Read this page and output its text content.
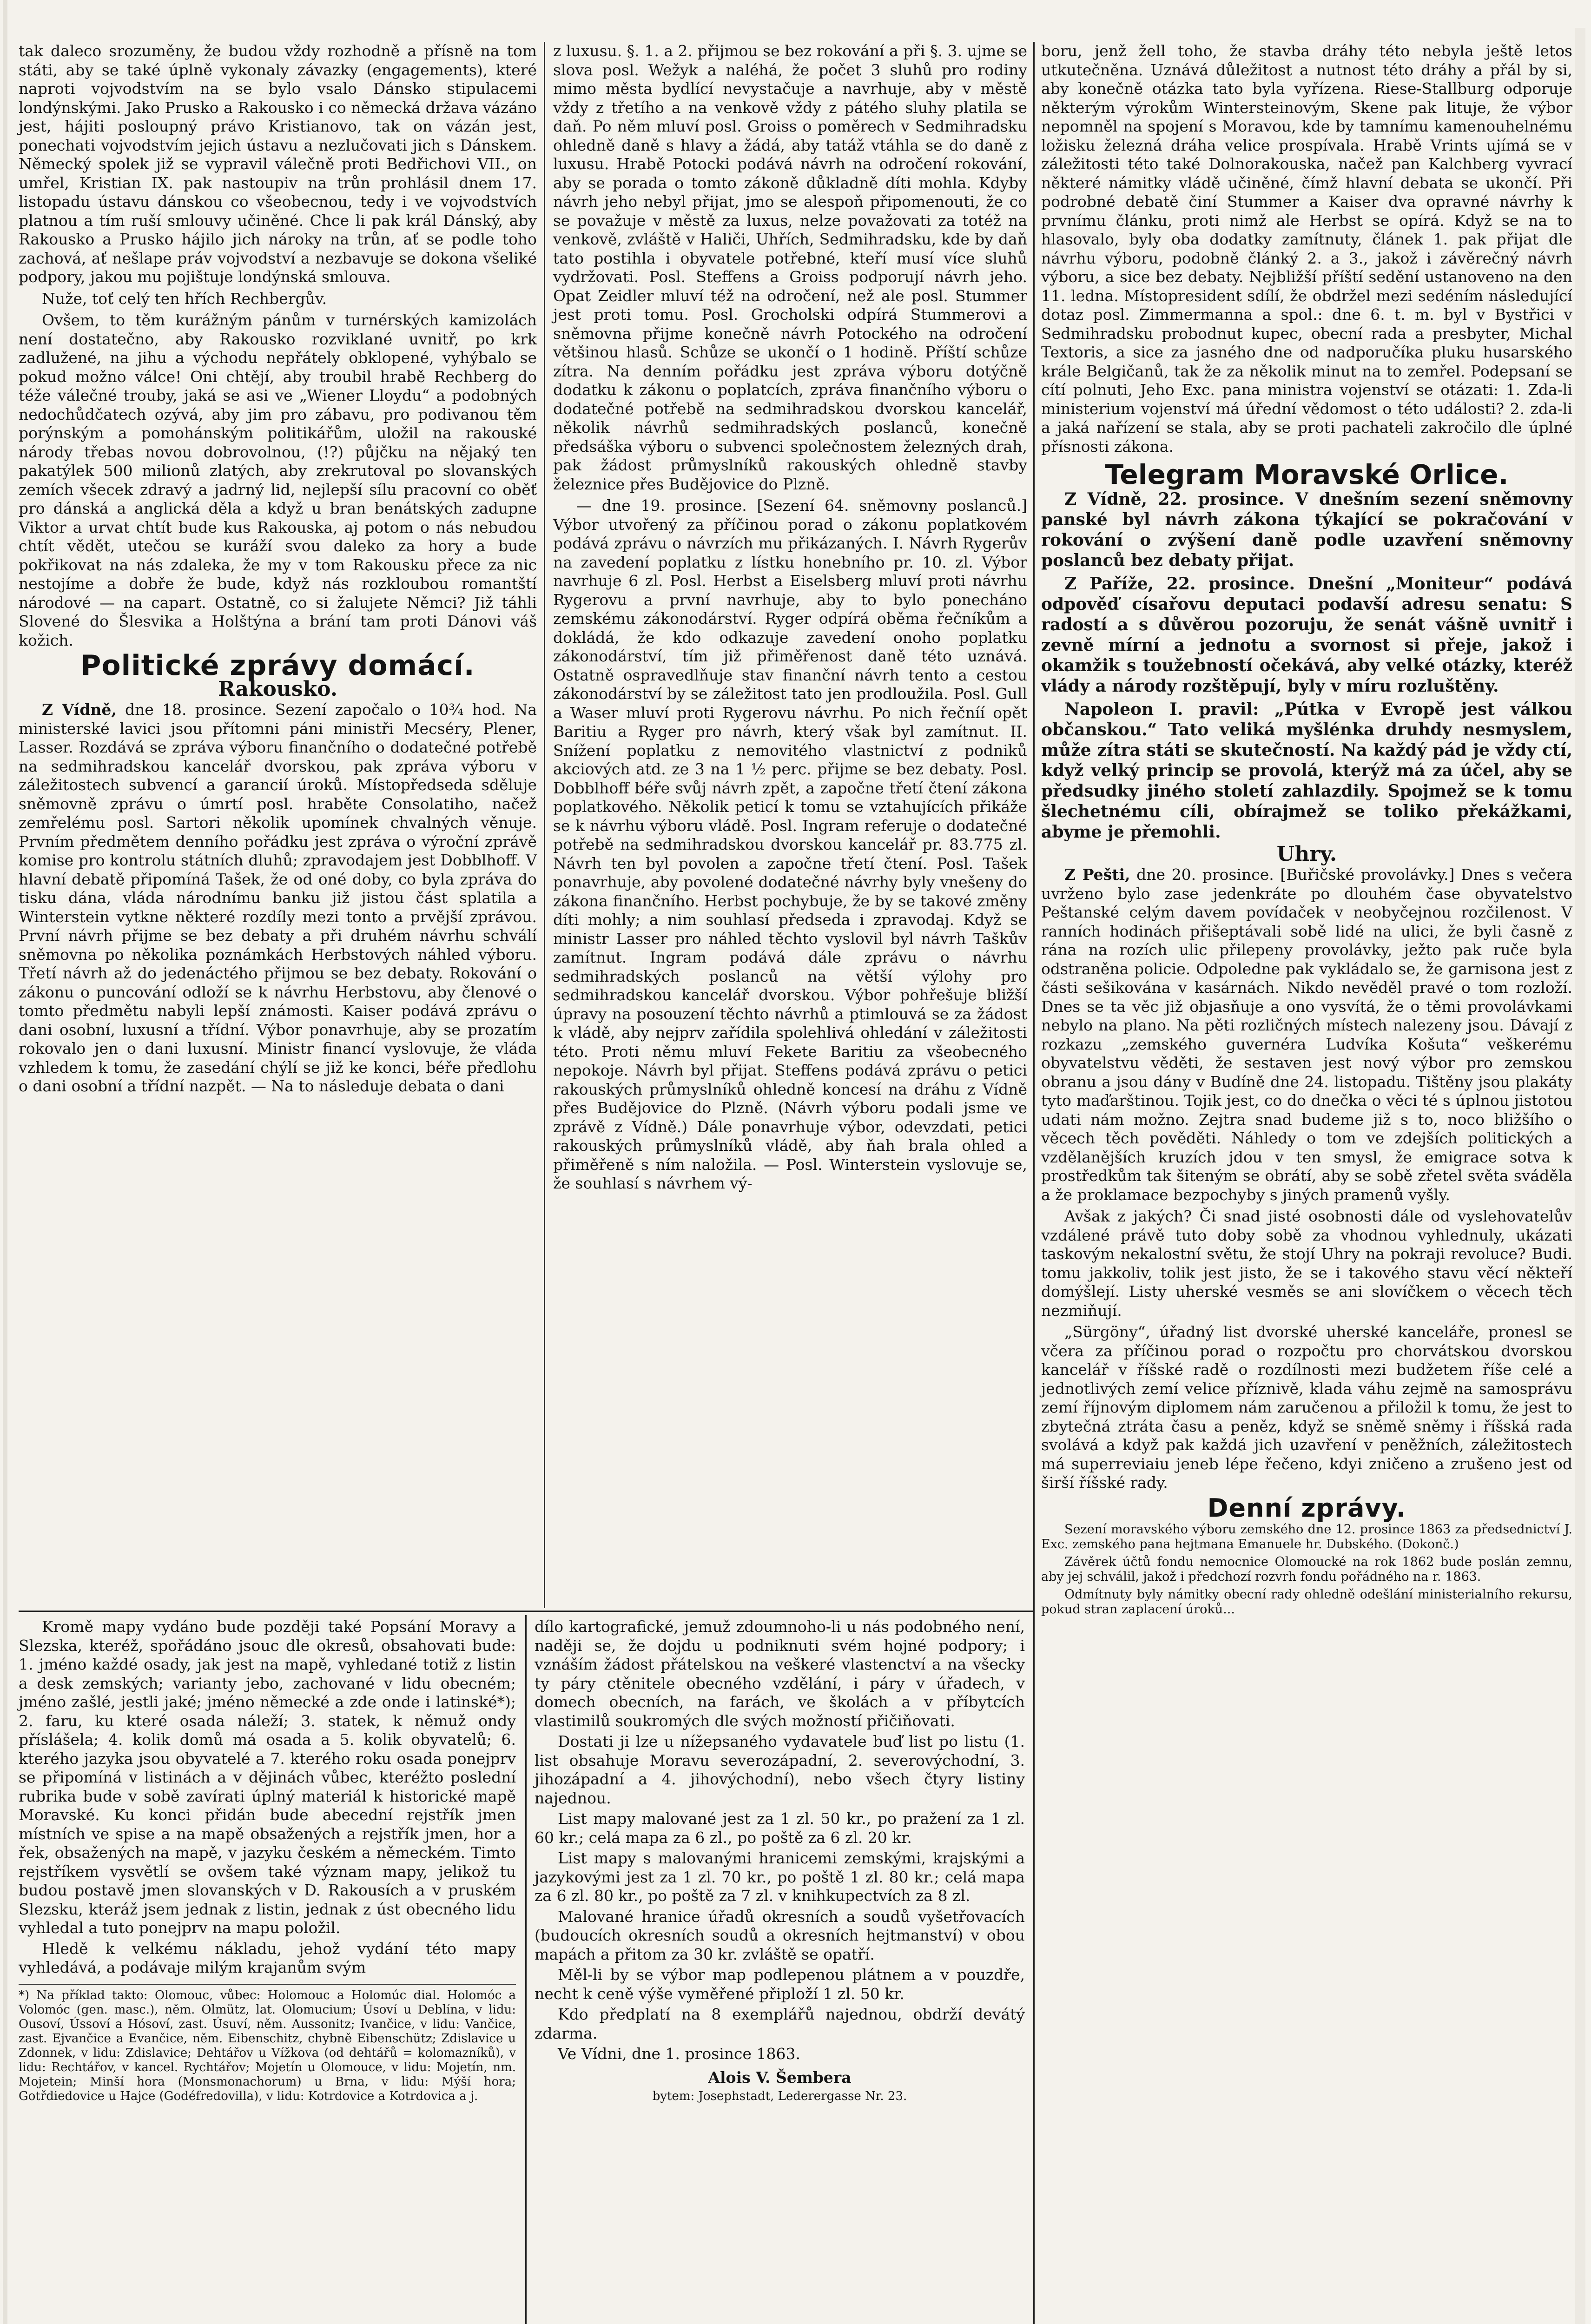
tak daleco srozuměny, že budou vždy rozhodně a přísně na tom státi, aby se také úplně vykonaly závazky (engagements), které naproti vojvodstvím na se bylo vsalo Dánsko stipulacemi londýnskými. Jako Prusko a Rakousko i co německá država vázáno jest, hájiti posloupný právo Kristianovo, tak on vázán jest, ponechati vojvodstvím jejich ústavu a nezlučovati jich s Dánskem. Německý spolek již se vypravil válečně proti Bedřichovi VII., on umřel, Kristian IX. pak nastoupiv na trůn prohlásil dnem 17. listopadu ústavu dánskou co všeobecnou, tedy i ve vojvodstvích platnou a tím ruší smlouvy učiněné. Chce li pak král Dánský, aby Rakousko a Prusko hájilo jich nároky na trůn, ať se podle toho zachová, ať nešlape práv vojvodství a nezbavuje se dokona všeliké podpory, jakou mu pojištuje londýnská smlouva.

Nuže, toť celý ten hřích Rechbergův.

Ovšem, to těm kurážným pánům v turnérských kamizolách není dostatečno, aby Rakousko rozviklané uvnitř, po krk zadlužené, na jihu a východu nepřátely obklopené, vyhýbalo se pokud možno válce! Oni chtějí, aby troubil hrabě Rechberg do téže válečné trouby, jaká se asi ve „Wiener Lloydu“ a podobných nedochůdčatech ozývá, aby jim pro zábavu, pro podivanou těm porýnským a pomohánským politikářům, uložil na rakouské národy třebas novou dobrovolnou, (!?) půjčku na nějaký ten pakatýlek 500 milionů zlatých, aby zrekrutoval po slovanských zemích všecek zdravý a jadrný lid, nejlepší sílu pracovní co oběť pro dánská a anglická děla a když u bran benátských zadupne Viktor a urvat chtít bude kus Rakouska, aj potom o nás nebudou chtít vědět, utečou se kuráží svou daleko za hory a bude pokřikovat na nás zdaleka, že my v tom Rakousku přece za nic nestojíme a dobře že bude, když nás rozkloubou romantští národové — na capart. Ostatně, co si žalujete Němci? Již táhli Slovené do Šlesvika a Holštýna a brání tam proti Dánovi váš kožich.

Politické zprávy domácí.
Rakousko.

Z Vídně, dne 18. prosince. Sezení započalo o 10¾ hod. Na ministerské lavici jsou přítomni páni ministři Mecséry, Plener, Lasser. Rozdává se zpráva výboru finančního o dodatečné potřebě na sedmihradskou kancelář dvorskou, pak zpráva výboru v záležitostech subvencí a garancií úroků. Místopředseda sděluje sněmovně zprávu o úmrtí posl. hraběte Consolatiho, načež zemřelému posl. Sartori několik upomínek chvalných věnuje. Prvním předmětem denního pořádku jest zpráva o výroční zprávě komise pro kontrolu státních dluhů; zpravodajem jest Dobblhoff. V hlavní debatě připomíná Tašek, že od oné doby, co byla zpráva do tisku dána, vláda národnímu banku již jistou část splatila a Winterstein vytkne některé rozdíly mezi tonto a prvější zprávou. První návrh přijme se bez debaty a při druhém návrhu schválí sněmovna po několika poznámkách Herbstových náhled výboru. Třetí návrh až do jedenáctého přijmou se bez debaty. Rokování o zákonu o puncování odloží se k návrhu Herbstovu, aby členové o tomto předmětu nabyli lepší známosti. Kaiser podává zprávu o dani osobní, luxusní a třídní. Výbor ponavrhuje, aby se prozatím rokovalo jen o dani luxusní. Ministr financí vyslovuje, že vláda vzhledem k tomu, že zasedání chýlí se již ke konci, béře předlohu o dani osobní a třídní nazpět. — Na to následuje debata o dani

z luxusu. §. 1. a 2. přijmou se bez rokování a při §. 3. ujme se slova posl. Wežyk a naléhá, že počet 3 sluhů pro rodiny mimo města bydlící nevystačuje a navrhuje, aby v městě vždy z třetího a na venkově vždy z pátého sluhy platila se daň. Po něm mluví posl. Groiss o poměrech v Sedmihradsku ohledně daně s hlavy a žádá, aby tatáž vtáhla se do daně z luxusu. Hrabě Potocki podává návrh na odročení rokování, aby se porada o tomto zákoně důkladně díti mohla. Kdyby návrh jeho nebyl přijat, jmo se alespoň připomenouti, že co se považuje v městě za luxus, nelze považovati za totéž na venkově, zvláště v Haliči, Uhřích, Sedmihradsku, kde by daň tato postihla i obyvatele potřebné, kteří musí více sluhů vydržovati. Posl. Steffens a Groiss podporují návrh jeho. Opat Zeidler mluví též na odročení, než ale posl. Stummer jest proti tomu. Posl. Grocholski odpírá Stummerovi a sněmovna přijme konečně návrh Potockého na odročení většinou hlasů. Schůze se ukončí o 1 hodině. Příští schůze zítra. Na denním pořádku jest zpráva výboru dotýčně dodatku k zákonu o poplatcích, zpráva finančního výboru o dodatečné potřebě na sedmihradskou dvorskou kancelář, několik návrhů sedmihradských poslanců, konečně předsáška výboru o subvenci společnostem železných drah, pak žádost průmyslníků rakouských ohledně stavby železnice přes Budějovice do Plzně.

— dne 19. prosince. [Sezení 64. sněmovny poslanců.] Výbor utvořený za příčinou porad o zákonu poplatkovém podává zprávu o návrzích mu přikázaných. I. Návrh Rygerův na zavedení poplatku z lístku honebního pr. 10. zl. Výbor navrhuje 6 zl. Posl. Herbst a Eiselsberg mluví proti návrhu Rygerovu a první navrhuje, aby to bylo ponecháno zemskému zákonodárství. Ryger odpírá oběma řečníkům a dokládá, že kdo odkazuje zavedení onoho poplatku zákonodárství, tím již přiměřenost daně této uznává. Ostatně ospravedlňuje stav finanční návrh tento a cestou zákonodárství by se záležitost tato jen prodloužila. Posl. Gull a Waser mluví proti Rygerovu návrhu. Po nich řečníí opět Baritiu a Ryger pro návrh, který však byl zamítnut. II. Snížení poplatku z nemovitého vlastnictví z podniků akciových atd. ze 3 na 1 ½ perc. přijme se bez debaty. Posl. Dobblhoff béře svůj návrh zpět, a započne třetí čtení zákona poplatkového. Několik peticí k tomu se vztahujících přikáže se k návrhu výboru vládě. Posl. Ingram referuje o dodatečné potřebě na sedmihradskou dvorskou kancelář pr. 83.775 zl. Návrh ten byl povolen a započne třetí čtení. Posl. Tašek ponavrhuje, aby povolené dodatečné návrhy byly vnešeny do zákona finančního. Herbst pochybuje, že by se takové změny díti mohly; a nim souhlasí předseda i zpravodaj. Když se ministr Lasser pro náhled těchto vyslovil byl návrh Taškův zamítnut. Ingram podává dále zprávu o návrhu sedmihradských poslanců na větší výlohy pro sedmihradskou kancelář dvorskou. Výbor pohřešuje bližší úpravy na posouzení těchto návrhů a ptimlouvá se za žádost k vládě, aby nejprv zařídila spolehlivá ohledání v záležitosti této. Proti němu mluví Fekete Baritiu za všeobecného nepokoje. Návrh byl přijat. Steffens podává zprávu o petici rakouských průmyslníků ohledně koncesí na dráhu z Vídně přes Budějovice do Plzně. (Návrh výboru podali jsme ve zprávě z Vídně.) Dále ponavrhuje výbor, odevzdati, petici rakouských průmyslníků vládě, aby ňah brala ohled a přiměřeně s ním naložila. — Posl. Winterstein vyslovuje se, že souhlasí s návrhem vý-

boru, jenž žell toho, že stavba dráhy této nebyla ještě letos utkutečněna. Uznává důležitost a nutnost této dráhy a přál by si, aby konečně otázka tato byla vyřízena. Riese-Stallburg odporuje některým výrokům Wintersteinovým, Skene pak lituje, že výbor nepomněl na spojení s Moravou, kde by tamnímu kamenouhelnému ložisku železná dráha velice prospívala. Hrabě Vrints ujímá se v záležitosti této také Dolnorakouska, načež pan Kalchberg vyvrací některé námitky vládě učiněné, čímž hlavní debata se ukončí. Při podrobné debatě činí Stummer a Kaiser dva opravné návrhy k prvnímu článku, proti nimž ale Herbst se opírá. Když se na to hlasovalo, byly oba dodatky zamítnuty, článek 1. pak přijat dle návrhu výboru, podobně článký 2. a 3., jakož i závěrečný návrh výboru, a sice bez debaty. Nejbližší příští sedění ustanoveno na den 11. ledna. Místopresident sdílí, že obdržel mezi sedéním následující dotaz posl. Zimmermanna a spol.: dne 6. t. m. byl v Bystřici v Sedmihradsku probodnut kupec, obecní rada a presbyter, Michal Textoris, a sice za jasného dne od nadporučíka pluku husarského krále Belgičanů, tak že za několik minut na to zemřel. Podepsaní se cítí polnuti, Jeho Exc. pana ministra vojenství se otázati: 1. Zda-li ministerium vojenství má úřední vědomost o této události? 2. zda-li a jaká nařízení se stala, aby se proti pachateli zakročilo dle úplné přísnosti zákona.

Telegram Moravské Orlice.

Z Vídně, 22. prosince. V dnešním sezení sněmovny panské byl návrh zákona týkající se pokračování v rokování o zvýšení daně podle uzavření sněmovny poslanců bez debaty přijat.

Z Paříže, 22. prosince. Dnešní „Moniteur“ podává odpověď císařovu deputaci podavší adresu senatu: S radostí a s důvěrou pozoruju, že senát vášně uvnitř i zevně mírní a jednotu a svornost si přeje, jakož i okamžik s toužebností očekává, aby velké otázky, kteréž vlády a národy rozštěpují, byly v míru rozluštěny.

Napoleon I. pravil: „Pútka v Evropě jest válkou občanskou.“ Tato veliká myšlénka druhdy nesmyslem, může zítra státi se skutečností. Na každý pád je vždy ctí, když velký princip se provolá, kterýž má za účel, aby se předsudky jiného století zahlazdily. Spojmež se k tomu šlechetnému cíli, obírajmež se toliko překážkami, abyme je přemohli.

Uhry.

Z Pešti, dne 20. prosince. [Buřičské provolávky.] Dnes s večera uvrženo bylo zase jedenkráte po dlouhém čase obyvatelstvo Peštanské celým davem povídaček v neobyčejnou rozčilenost. V ranních hodinách přišeptávali sobě lidé na ulici, že byli časně z rána na rozích ulic přilepeny provolávky, ježto pak ruče byla odstraněna policie. Odpoledne pak vykládalo se, že garnisona jest z části sešikována v kasárnách. Nikdo nevěděl pravé o tom rozloží. Dnes se ta věc již objasňuje a ono vysvítá, že o těmi provolávkami nebylo na plano. Na pěti rozličných místech nalezeny jsou. Dávají z rozkazu „zemského guvernéra Ludvíka Košuta“ veškerému obyvatelstvu věděti, že sestaven jest nový výbor pro zemskou obranu a jsou dány v Budíně dne 24. listopadu. Tištěny jsou plakáty tyto maďarštinou. Tojik jest, co do dnečka o věci té s úplnou jistotou udati nám možno. Zejtra snad budeme již s to, noco bližšího o věcech těch pověděti. Náhledy o tom ve zdejších politických a vzdělanějších kruzích jdou v ten smysl, že emigrace sotva k prostředkům tak šiteným se obrátí, aby se sobě zřetel světa sváděla a že proklamace bezpochyby s jiných pramenů vyšly.

Avšak z jakých? Či snad jisté osobnosti dále od vyslehovatelův vzdálené právě tuto doby sobě za vhodnou vyhlednuly, ukázati taskovým nekalostní světu, že stojí Uhry na pokraji revoluce? Budi. tomu jakkoliv, tolik jest jisto, že se i takového stavu věcí někteří domýšlejí. Listy uherské vesměs se ani slovíčkem o věcech těch nezmiňují.

„Sürgöny“, úřadný list dvorské uherské kanceláře, pronesl se včera za příčinou porad o rozpočtu pro chorvátskou dvorskou kancelář v říšské radě o rozdílnosti mezi budžetem říše celé a jednotlivých zemí velice příznivě, klada váhu zejmě na samosprávu zemí říjnovým diplomem nám zaručenou a přiložil k tomu, že jest to zbytečná ztráta času a peněz, když se sněmě sněmy i říšská rada svolává a když pak každá jich uzavření v peněžních, záležitostech má superreviaiu jeneb lépe řečeno, kdyi zničeno a zrušeno jest od širší říšské rady.

Denní zprávy.

Sezení moravského výboru zemského dne 12. prosince 1863 za předsednictví J. Exc. zemského pana hejtmana Emanuele hr. Dubského. (Dokonč.)

Závěrek účtů fondu nemocnice Olomoucké na rok 1862 bude poslán zemnu, aby jej schválil, jakož i předchozí rozvrh fondu pořádného na r. 1863.

Odmítnuty byly námitky obecní rady ohledně odešlání ministerialního rekursu, pokud stran zaplacení úroků...

Kromě mapy vydáno bude později také Popsání Moravy a Slezska, kteréž, spořádáno jsouc dle okresů, obsahovati bude: 1. jméno každé osady, jak jest na mapě, vyhledané totiž z listin a desk zemských; varianty jebo, zachované v lidu obecném; jméno zašlé, jestli jaké; jméno německé a zde onde i latinské*); 2. faru, ku které osada náleží; 3. statek, k němuž ondy příslášela; 4. kolik domů má osada a 5. kolik obyvatelů; 6. kterého jazyka jsou obyvatelé a 7. kterého roku osada ponejprv se připomíná v listinách a v dějinách vůbec, kteréžto poslední rubrika bude v sobě zavírati úplný materiál k historické mapě Moravské. Ku konci přidán bude abecední rejstřík jmen místních ve spise a na mapě obsažených a rejstřík jmen, hor a řek, obsažených na mapě, v jazyku českém a německém. Timto rejstříkem vysvětlí se ovšem také význam mapy, jelikož tu budou postavě jmen slovanských v D. Rakousích a v pruském Slezsku, kteráž jsem jednak z listin, jednak z úst obecného lidu vyhledal a tuto ponejprv na mapu položil.

Hledě k velkému nákladu, jehož vydání této mapy vyhledává, a podávaje milým krajanům svým

*) Na příklad takto: Olomouc, vůbec: Holomouc a Holomúc dial. Holomóc a Volomóc (gen. masc.), něm. Olmütz, lat. Olomucium; Úsoví u Deblína, v lidu: Ousoví, Ússoví a Hósoví, zast. Úsuví, něm. Aussonitz; Ivančice, v lidu: Vančice, zast. Ejvančice a Evančice, něm. Eibenschitz, chybně Eibenschütz; Zdislavice u Zdonnek, v lidu: Zdislavice; Dehtářov u Vížkova (od dehtářů = kolomazníků), v lidu: Rechtářov, v kancel. Rychtářov; Mojetín u Olomouce, v lidu: Mojetín, nm. Mojetein; Minší hora (Monsmonachorum) u Brna, v lidu: Mýší hora; Gotřdiedovice u Hajce (Godéfredovilla), v lidu: Kotrdovice a Kotrdovica a j.

dílo kartografické, jemuž zdoumnoho-li u nás podobného není, naději se, že dojdu u podniknuti svém hojné podpory; i vznáším žádost přátelskou na veškeré vlastenctví a na všecky ty páry ctěnitele obecného vzdělání, i páry v úřadech, v domech obecních, na farách, ve školách a v příbytcích vlastimilů soukromých dle svých možností přičiňovati.

Dostati ji lze u nížepsaného vydavatele buď list po listu (1. list obsahuje Moravu severozápadní, 2. severovýchodní, 3. jihozápadní a 4. jihovýchodní), nebo všech čtyry listiny najednou.

List mapy malované jest za 1 zl. 50 kr., po pražení za 1 zl. 60 kr.; celá mapa za 6 zl., po poště za 6 zl. 20 kr.

List mapy s malovanými hranicemi zemskými, krajskými a jazykovými jest za 1 zl. 70 kr., po poště 1 zl. 80 kr.; celá mapa za 6 zl. 80 kr., po poště za 7 zl. v knihkupectvích za 8 zl.

Malované hranice úřadů okresních a soudů vyšetřovacích (budoucích okresních soudů a okresních hejtmanství) v obou mapách a přitom za 30 kr. zvláště se opatří.

Měl-li by se výbor map podlepenou plátnem a v pouzdře, necht k ceně výše vyměřené připloží 1 zl. 50 kr.

Kdo předplatí na 8 exemplářů najednou, obdrží devátý zdarma.

Ve Vídni, dne 1. prosince 1863.

Alois V. Šembera
bytem: Josephstadt, Lederergasse Nr. 23.
